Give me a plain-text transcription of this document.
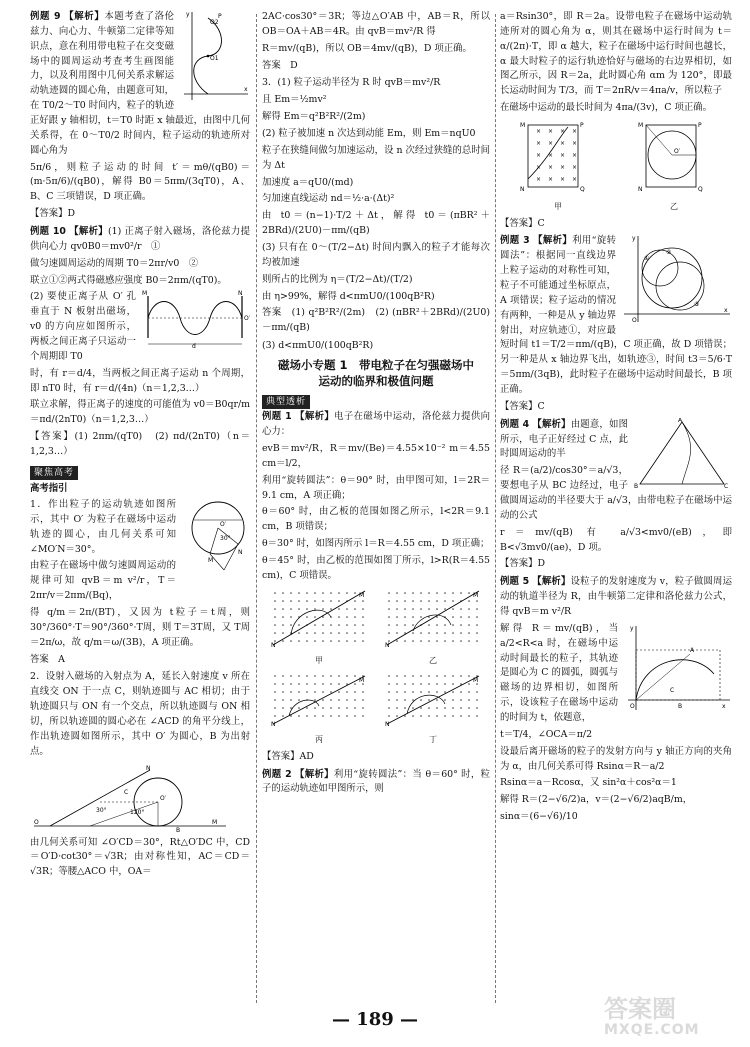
O1
O2
P
y
x

例题 9 【解析】本题考查了洛伦兹力、向心力、牛顿第二定律等知识点，意在利用带电粒子在交变磁场中的圆周运动考查考生画图能力，以及利用图中几何关系求解运动轨迹圆的圆心角，由题意可知，在 T0/2～T0 时间内，粒子的轨迹正好跟 y 轴相切，t＝T0 时距 x 轴最近，由图中几何关系得，在 0～T0/2 时间内，粒子运动的轨迹所对圆心角为

5π/6，则粒子运动的时间 t′＝mθ/(qB0)＝(m·5π/6)/(qB0)，解得 B0＝5πm/(3qT0)，A、B、C 三项错误，D 项正确。

【答案】D

例题 10 【解析】(1) 正离子射入磁场，洛伦兹力提供向心力 qv0B0＝mv0²/r　①

做匀速圆周运动的周期 T0＝2πr/v0　②

联立①②两式得磁感应强度 B0＝2πm/(qT0)。

d
M	N
O′

(2) 要使正离子从 O′ 孔垂直于 N 板射出磁场，v0 的方向应如图所示，两板之间正离子只运动一个周期即 T0

时，有 r＝d/4，当两板之间正离子运动 n 个周期，即 nT0 时，有 r＝d/(4n)（n＝1,2,3…）

联立求解，得正离子的速度的可能值为 v0＝B0qr/m＝πd/(2nT0)（n＝1,2,3…）

【答案】(1) 2πm/(qT0)　(2) πd/(2nT0)（n＝1,2,3…）

聚焦高考
高考指引
30°
M
N
O′

1．作出粒子的运动轨迹如图所示，其中 O′ 为粒子在磁场中运动轨迹的圆心，由几何关系可知 ∠MO′N＝30°。

由粒子在磁场中做匀速圆周运动的规律可知 qvB＝m v²/r，T＝2πr/v＝2πm/(Bq)，

得 q/m＝2π/(BT)，又因为 t粒子＝t周，则 30°/360°·T＝90°/360°·T周，则 T＝3T周，又 T周＝2π/ω，故 q/m＝ω/(3B)，A 项正确。

答案　A

2．设射入磁场的入射点为 A，延长入射速度 v 所在直线交 ON 于一点 C，则轨迹圆与 AC 相切；由于轨迹圆只与 ON 有一个交点，所以轨迹圆与 ON 相切，所以轨迹圆的圆心必在 ∠ACD 的角平分线上，作出轨迹圆如图所示，其中 O′ 为圆心，B 为出射点。

30°	120°
C
O′
O
B
M
N

由几何关系可知 ∠O′CD＝30°，Rt△O′DC 中，CD＝O′D·cot30°＝√3R；由对称性知，AC＝CD＝√3R；等腰△ACO 中，OA＝

2AC·cos30°＝3R；等边△O′AB 中，AB＝R，所以 OB＝OA＋AB＝4R。由 qvB＝mv²/R 得

R＝mv/(qB)，所以 OB＝4mv/(qB)，D 项正确。

答案　D

3．(1) 粒子运动半径为 R 时 qvB＝mv²/R

且 Em＝½mv²

解得 Em＝q²B²R²/(2m)

(2) 粒子被加速 n 次达到动能 Em，则 Em＝nqU0

粒子在狭缝间做匀加速运动，设 n 次经过狭缝的总时间为 Δt

加速度 a＝qU0/(md)

匀加速直线运动 nd＝½·a·(Δt)²

由 t0＝(n−1)·T/2＋Δt，解得 t0＝(πBR²＋2BRd)/(2U0)－πm/(qB)

(3) 只有在 0～(T/2−Δt) 时间内飘入的粒子才能每次均被加速

则所占的比例为 η＝(T/2−Δt)/(T/2)

由 η>99%，解得 d<πmU0/(100qB²R)

答案　(1) q²B²R²/(2m)　(2) (πBR²＋2BRd)/(2U0)－πm/(qB)

(3) d<πmU0/(100qB²R)

磁场小专题 1　带电粒子在匀强磁场中
运动的临界和极值问题
典型透析

例题 1 【解析】电子在磁场中运动，洛伦兹力提供向心力：

evB＝mv²/R，R＝mv/(Be)＝4.55×10⁻² m＝4.55 cm＝l/2，

利用“旋转圆法”：θ＝90° 时，由甲图可知，l＝2R＝9.1 cm，A 项正确；

θ＝60° 时，由乙板的范围如图乙所示，l<2R＝9.1 cm，B 项错误；

θ＝30° 时，如图丙所示 l＝R＝4.55 cm，D 项正确；

θ＝45° 时，由乙板的范围如图丁所示，l>R(R＝4.55 cm)，C 项错误。

N
M
甲
N
M
乙
N
M
丙
N
M
丁

【答案】AD

例题 2 【解析】利用“旋转圆法”：当 θ＝60° 时，粒子的运动轨迹如甲图所示，则

a＝Rsin30°，即 R＝2a。设带电粒子在磁场中运动轨迹所对的圆心角为 α，则其在磁场中运行时间为 t＝α/(2π)·T，即 α 越大，粒子在磁场中运行时间也越长，α 最大时粒子的运行轨迹恰好与磁场的右边界相切，如图乙所示，因 R＝2a，此时圆心角 αm 为 120°，即最长运动时间为 T/3，而 T＝2πR/v＝4πa/v，所以粒子

在磁场中运动的最长时间为 4πa/(3v)，C 项正确。

× × × ×
× × × ×
× × × ×
× × × ×
× × × ×
M
N
P
Q
甲
O′
M
N
P
Q
乙

【答案】C

①
②
③
O
y
x

例题 3 【解析】利用“旋转圆法”：根据同一直线边界上粒子运动的对称性可知，粒子不可能通过坐标原点，A 项错误；粒子运动的情况有两种，一种是从 y 轴边界射出，对应轨迹①，对应最短时间 t1＝T/2＝πm/(qB)，C 项正确，故 D 项错误；另一种是从 x 轴边界飞出，如轨迹③，时间 t3＝5/6·T＝5πm/(3qB)，此时粒子在磁场中运动时间最长，B 项正确。

【答案】C

A
B	C

例题 4 【解析】由题意，如图所示，电子正好经过 C 点，此时圆周运动的半

径 R＝(a/2)/cos30°＝a/√3，要想电子从 BC 边经过，电子做圆周运动的半径要大于 a/√3，由带电粒子在磁场中运动的公式

r＝mv/(qB) 有 a/√3<mv0/(eB)，即 B<√3mv0/(ae)，D 项。

【答案】D

例题 5 【解析】设粒子的发射速度为 v，粒子做圆周运动的轨道半径为 R，由牛顿第二定律和洛伦兹力公式，得 qvB＝m v²/R

O
y
x
B
A
C

解得 R＝mv/(qB)，当 a/2<R<a 时，在磁场中运动时间最长的粒子，其轨迹是圆心为 C 的圆弧，圆弧与磁场的边界相切，如图所示，设该粒子在磁场中运动的时间为 t，依题意，

t＝T/4，∠OCA＝π/2

设最后离开磁场的粒子的发射方向与 y 轴正方向的夹角为 α，由几何关系可得 Rsinα＝R－a/2

Rsinα＝a－Rcosα，又 sin²α＋cos²α＝1

解得 R＝(2−√6/2)a，v＝(2−√6/2)aqB/m，

sinα＝(6−√6)/10

— 189 —	答案圈
MXQE.COM
